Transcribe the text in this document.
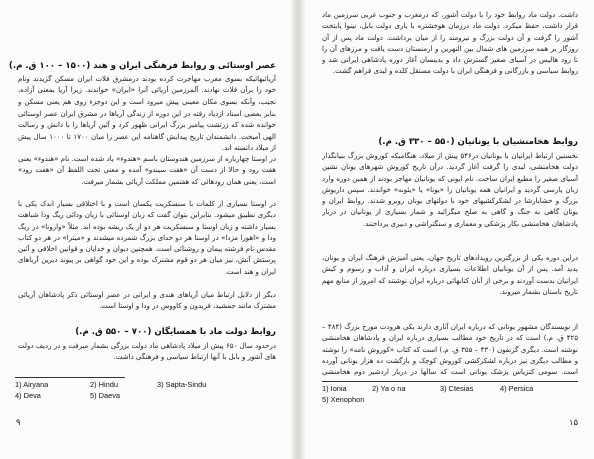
عصر اوستائی و روابط فرهنگی ایران و هند (۱۵۰۰ – ۱۰۰ ق. م.)
آریائیهائیکه بسوی مغرب مهاجرت کرده بودند درمشرق فلات ایران مسکن گزیدند ونام خود را برآن فلات نهادند. آلمرزمین آریائی آنرا «ایران» خواندند. زیرا آریا بمعنی آزاده، نجیب، وآنکه بسوی مکان معینی پیش میرود است و این دوجزء روی هم یعنی مسکن و
بنابر بعضی اسناد ازدیاد رفته در این دوره از زندگی آریاها در مشرق ایران عصر اوستائی خوانده شده که زرتشت پیامبر بزرگ ایرانی ظهور کرد و آئین آریاها را با دانش و رسالت الهی آمیخت. دانشمندان تاریخ پیدایش گاهنامه این عصر را میان ۱۷۰۰ تا ۱۰۰۰ سال پیش از میلاد دانسته اند.
در اوستا چهارباره از سرزمین هندوستان باسم «هندوء» یاد شده است. نام «هندوء» یعنی هفت رود و حالا از دست آن «هفت سیندو» آمده و معنی تحت اللفظ آن «هفت رود» است، یعنی همان رودهائی که هفتمین مملکت آریائی بشمار میرفت.
در اوستا بسیاری از کلمات با سنسکریت یکسان است و با اختلافی بسیار اندک یکی با دیگری تطبیق میشود. بنابراین بتوان گفت که زبان اوستائی با زبان ودائی ریگ ودا شباهت بسیار داشته و زبان اوستا و سنسکریت هر دو از یک ریشه بوده اند. مثلاً «وارونا» در ریگ ودا و «اهورا مزدا» در اوستا هر دو خدای بزرگ شمرده میشدند و «میترا» در هر دو کتاب مقدس نام فرشته پیمان و روشنائی است. همچنین دیوان و خدایان و قوانین اخلاقی و آئین پرستش آتش، نیز میان هر دو قوم مشترک بوده و این خود گواهی بر پیوند دیرین آریاهای ایران و هند است.
دیگر از دلایل ارتباط میان آریاهای هندی و ایرانی در عصر اوستائی ذکر پادشاهان آریائی مشترک مانند جمشید، فریدون و کاووس در ودا و اوستا است.
روابط دولت ماد با همسایگان (۷۰۰ – ۵۵۰ ق. م.)
درحدود سال ۶۵۰ پیش از میلاد پادشاهی ماد دولت بزرگی بشمار میرفت و در ردیف دولت های آشور و بابل با آنها ارتباط سیاسی و فرهنگی داشت.
1) Airyana	2) Hindu	3) Sapta-Sindu
4) Deva	5) Daeva
۹
داشت. دولت ماد روابط خود را با دولت آشور، که درمغرب و جنوب غربی سرزمین ماد قرار داشت، حفظ میکرد. دولت ماد درزمان هوخشتره با یاری دولت بابل، نینوا پایتخت آشور را گرفت و آن دولت بزرگ و نیرومند را از میان برداشت. دولت ماد پس از آن روزگار بر همه سرزمین های شمال بین النهرین و ارمنستان دست یافت و مرزهای آن را تا رود هالیس در آسیای صغیر گسترش داد و بدینسان آغاز دوره پادشاهی ایرانی شد و روابط سیاسی و بازرگانی و فرهنگی ایران با دولت مستقل کلده و لیدی فراهم گشت.
روابط هخامنشیان با یونانیان (۵۵۰ – ۳۳۰ ق. م.)
نخستین ارتباط ایرانیان با یونانیان در۵۴۶ پیش از میلاد، هنگامیکه کوروش بزرگ بنیانگذار دولت هخامنشی، لیدی را گرفت آغاز گردید. درآن تاریخ کوروش شهرهای یونان نشین آسیای صغیر را مطیع ایران ساخت. نام ایونی که یونانیان مهاجر بودند از همین دوره وارد زبان پارسی گردید و ایرانیان همه یونانیان را «یونا» یا «یئونه» خواندند. سپس داریوش بزرگ و خشایارشا در لشکرکشیهای خود با دولتهای یونان روبرو شدند. روابط ایران و یونان گاهی به جنگ و گاهی به صلح میگرائید و شمار بسیاری از یونانیان در دربار پادشاهان هخامنشی بکار پزشکی و معماری و سنگتراشی و دبیری پرداختند.
دراین دوره یکی از بزرگترین رویدادهای تاریخ جهان، یعنی آمیزش فرهنگ ایران و یونان، پدید آمد. پس از آن یونانیان اطلاعات بسیاری درباره ایران و آداب و رسوم و کیش ایرانیان بدست آوردند و برخی از آنان کتابهائی درباره ایران نوشتند که امروز از منابع مهم تاریخ باستان بشمار میروند.
از نویسندگان مشهور یونانی که درباره ایران آثاری دارند یکی هرودت مورخ بزرگ (۴۸۴ – ۴۲۵ ق. م.) است که در تاریخ خود مطالب بسیاری درباره ایران و پادشاهان هخامنشی نوشته است. دیگری گزنفون (۴۳۰ – ۳۵۵ ق. م.) است که کتاب «کوروش نامه» را نوشته و مطالب دیگری نیز درباره لشکرکشی کوروش کوچک و بازگشت ده هزار یونانی آورده است. سومی کتزیاس پزشک یونانی است که سالها در دربار اردشیر دوم هخامنشی
1) Ionia	2) Ya o na	3) Ctesias	4) Persica
5) Xenophon
۱۵
